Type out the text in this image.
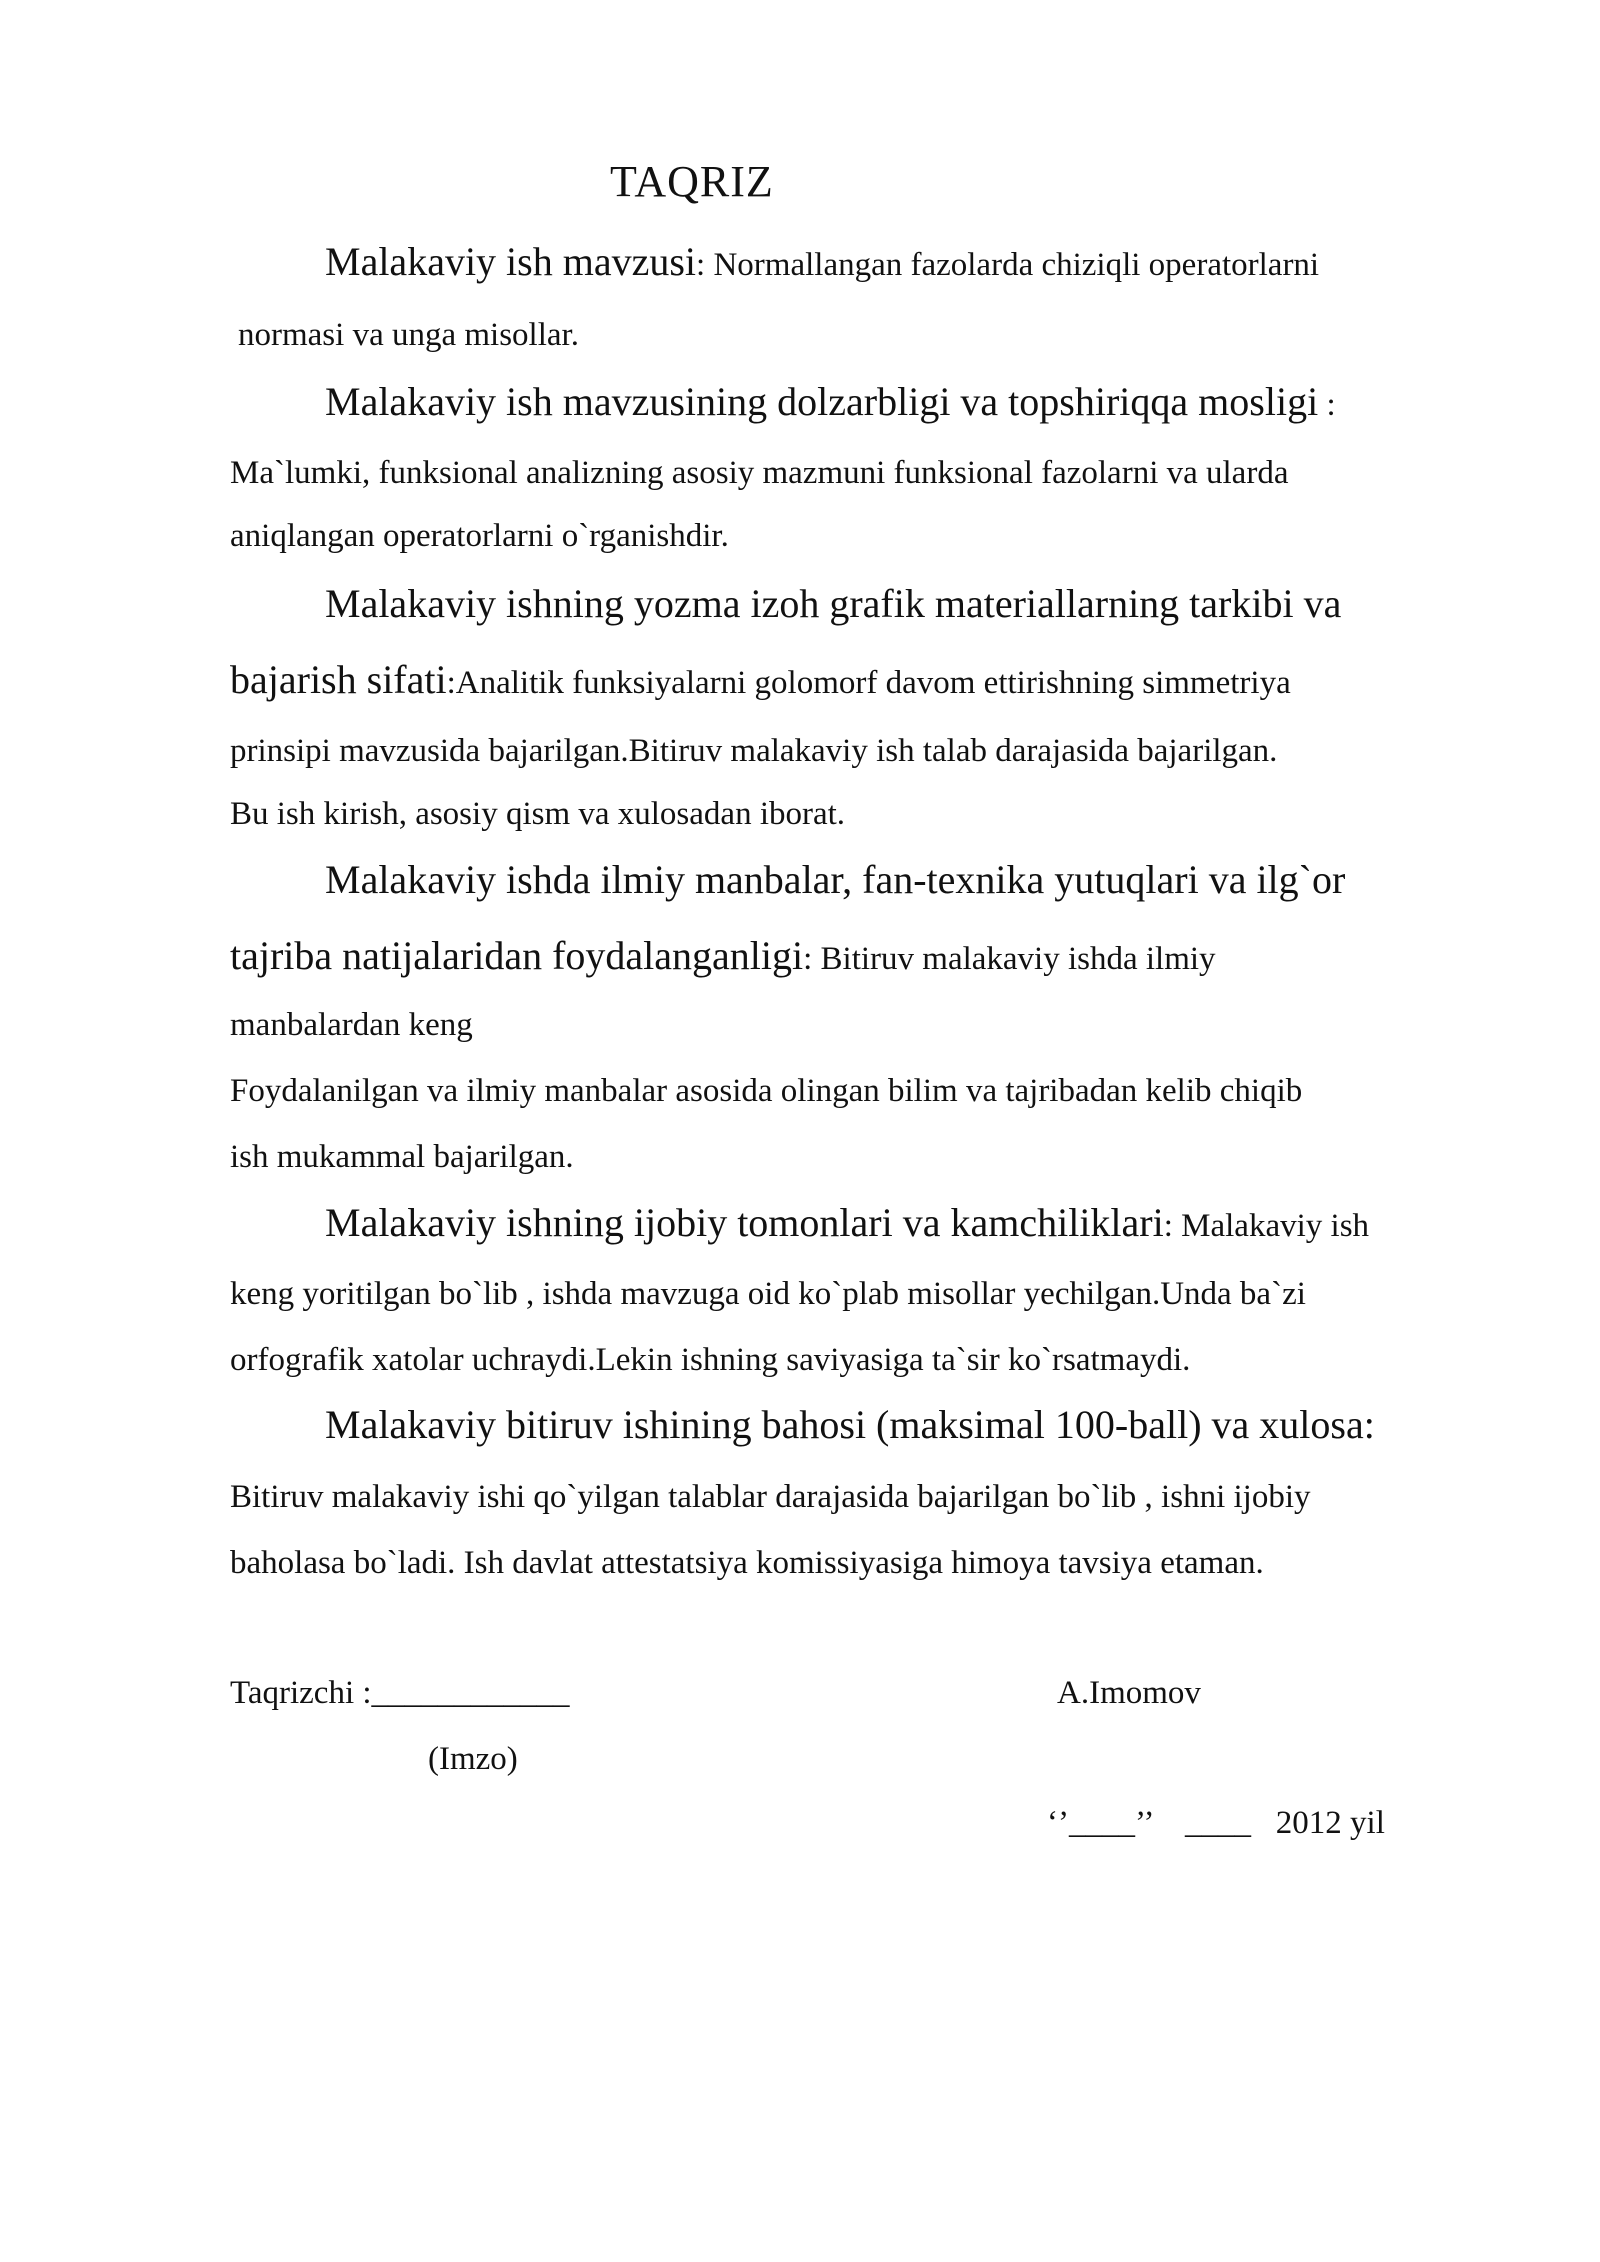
TAQRIZ
Malakaviy ish mavzusi: Normallangan fazolarda chiziqli operatorlarni
normasi va unga misollar.
Malakaviy ish mavzusining dolzarbligi va topshiriqqa mosligi :
Ma`lumki, funksional analizning asosiy mazmuni funksional fazolarni va ularda
aniqlangan operatorlarni o`rganishdir.
Malakaviy ishning yozma izoh grafik materiallarning tarkibi va
bajarish sifati:Analitik funksiyalarni golomorf davom ettirishning simmetriya
prinsipi mavzusida bajarilgan.Bitiruv malakaviy ish talab darajasida bajarilgan.
Bu ish kirish, asosiy qism va xulosadan iborat.
Malakaviy ishda ilmiy manbalar, fan-texnika yutuqlari va ilg`or
tajriba natijalaridan foydalanganligi: Bitiruv malakaviy ishda ilmiy
manbalardan keng
Foydalanilgan va ilmiy manbalar asosida olingan bilim va tajribadan kelib chiqib
ish mukammal bajarilgan.
Malakaviy ishning ijobiy tomonlari va kamchiliklari: Malakaviy ish
keng yoritilgan bo`lib , ishda mavzuga oid ko`plab misollar yechilgan.Unda ba`zi
orfografik xatolar uchraydi.Lekin ishning saviyasiga ta`sir ko`rsatmaydi.
Malakaviy bitiruv ishining bahosi (maksimal 100-ball) va xulosa:
Bitiruv malakaviy ishi qo`yilgan talablar darajasida bajarilgan bo`lib , ishni ijobiy
baholasa bo`ladi. Ish davlat attestatsiya komissiyasiga himoya tavsiya etaman.
Taqrizchi :____________	A.Imomov
(Imzo)
‘’____’’    ____   2012 yil
